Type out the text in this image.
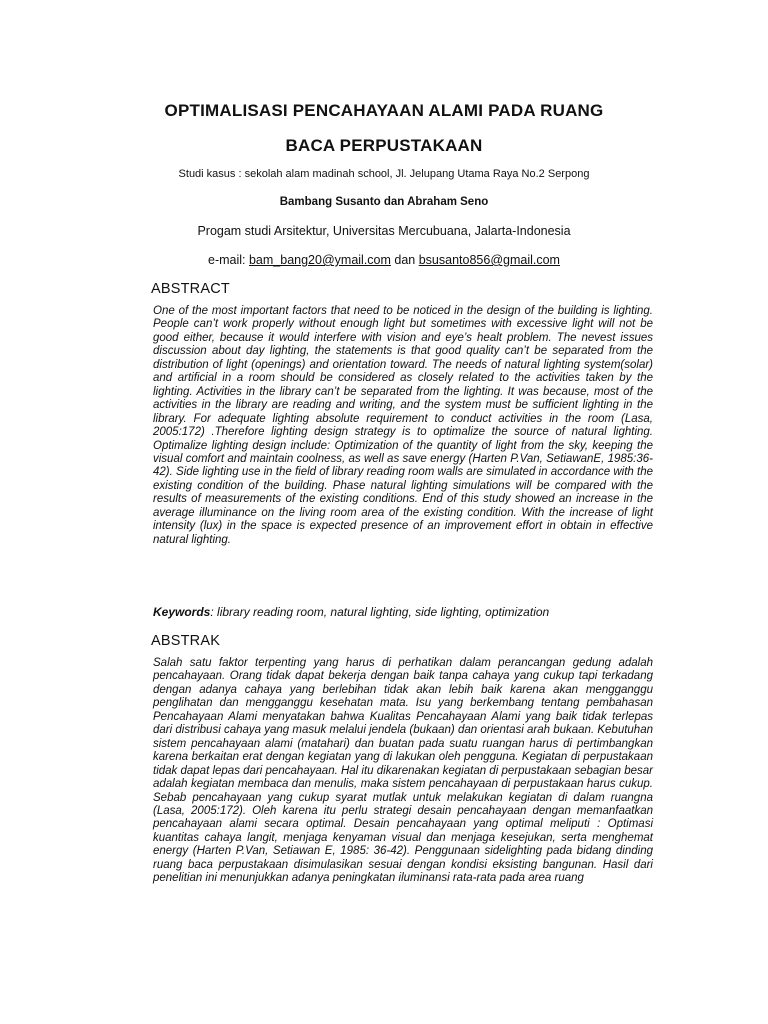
OPTIMALISASI PENCAHAYAAN ALAMI PADA RUANG
BACA PERPUSTAKAAN

Studi kasus : sekolah alam madinah school, Jl. Jelupang Utama Raya No.2 Serpong

Bambang Susanto dan Abraham Seno

Progam studi Arsitektur, Universitas Mercubuana, Jalarta-Indonesia

e-mail: bam_bang20@ymail.com dan bsusanto856@gmail.com

ABSTRACT

One of the most important factors that need to be noticed in the design of the building is lighting. People can’t work properly without enough light but sometimes with excessive light will not be good either, because it would interfere with vision and eye’s healt problem. The nevest issues discussion about day lighting, the statements is that good quality can’t be separated from the distribution of light (openings) and orientation toward. The needs of natural lighting system(solar) and artificial in a room should be considered as closely related to the activities taken by the lighting. Activities in the library can’t be separated from the lighting. It was because, most of the activities in the library are reading and writing, and the system must be sufficient lighting in the library. For adequate lighting absolute requirement to conduct activities in the room (Lasa, 2005:172) .Therefore lighting design strategy is to optimalize the source of natural lighting. Optimalize lighting design include: Optimization of the quantity of light from the sky, keeping the visual comfort and maintain coolness, as well as save energy (Harten P.Van, SetiawanE, 1985:36-42). Side lighting use in the field of library reading room walls are simulated in accordance with the existing condition of the building. Phase natural lighting simulations will be compared with the results of measurements of the existing conditions. End of this study showed an increase in the average illuminance on the living room area of the existing condition. With the increase of light intensity (lux) in the space is expected presence of an improvement effort in obtain in effective natural lighting.

Keywords: library reading room, natural lighting, side lighting, optimization

ABSTRAK

Salah satu faktor terpenting yang harus di perhatikan dalam perancangan gedung adalah pencahayaan. Orang tidak dapat bekerja dengan baik tanpa cahaya yang cukup tapi terkadang dengan adanya cahaya yang berlebihan tidak akan lebih baik karena akan mengganggu penglihatan dan mengganggu kesehatan mata. Isu yang berkembang tentang pembahasan Pencahayaan Alami menyatakan bahwa Kualitas Pencahayaan Alami yang baik tidak terlepas dari distribusi cahaya yang masuk melalui jendela (bukaan) dan orientasi arah bukaan. Kebutuhan sistem pencahayaan alami (matahari) dan buatan pada suatu ruangan harus di pertimbangkan karena berkaitan erat dengan kegiatan yang di lakukan oleh pengguna. Kegiatan di perpustakaan tidak dapat lepas dari pencahayaan. Hal itu dikarenakan kegiatan di perpustakaan sebagian besar adalah kegiatan membaca dan menulis, maka sistem pencahayaan di perpustakaan harus cukup. Sebab pencahayaan yang cukup syarat mutlak untuk melakukan kegiatan di dalam ruangna (Lasa, 2005:172). Oleh karena itu perlu strategi desain pencahayaan dengan memanfaatkan pencahayaan alami secara optimal. Desain pencahayaan yang optimal meliputi : Optimasi kuantitas cahaya langit, menjaga kenyaman visual dan menjaga kesejukan, serta menghemat energy (Harten P.Van, Setiawan E, 1985: 36-42). Penggunaan sidelighting pada bidang dinding ruang baca perpustakaan disimulasikan sesuai dengan kondisi eksisting bangunan. Hasil dari penelitian ini menunjukkan adanya peningkatan iluminansi rata-rata pada area ruang
